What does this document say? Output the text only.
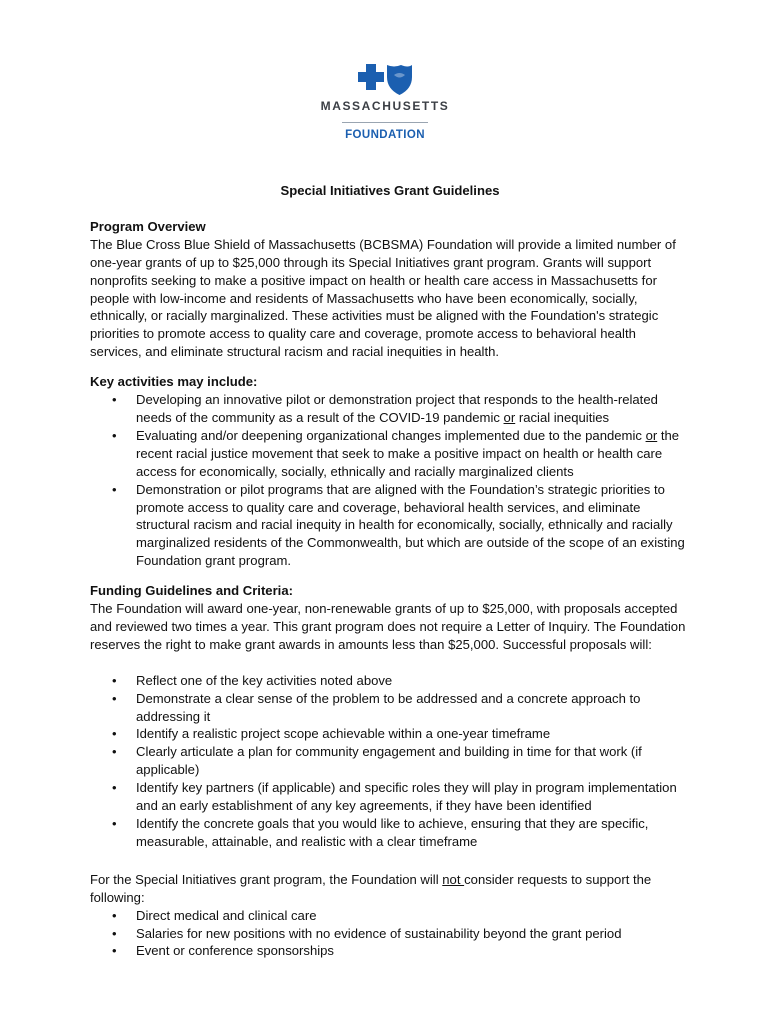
MASSACHUSETTS
FOUNDATION

Special Initiatives Grant Guidelines

Program Overview

The Blue Cross Blue Shield of Massachusetts (BCBSMA) Foundation will provide a limited number of one-year grants of up to $25,000 through its Special Initiatives grant program. Grants will support nonprofits seeking to make a positive impact on health or health care access in Massachusetts for people with low-income and residents of Massachusetts who have been economically, socially, ethnically, or racially marginalized. These activities must be aligned with the Foundation's strategic priorities to promote access to quality care and coverage, promote access to behavioral health services, and eliminate structural racism and racial inequities in health.

Key activities may include:

• Developing an innovative pilot or demonstration project that responds to the health-related needs of the community as a result of the COVID-19 pandemic or racial inequities
• Evaluating and/or deepening organizational changes implemented due to the pandemic or the recent racial justice movement that seek to make a positive impact on health or health care access for economically, socially, ethnically and racially marginalized clients
• Demonstration or pilot programs that are aligned with the Foundation’s strategic priorities to promote access to quality care and coverage, behavioral health services, and eliminate structural racism and racial inequity in health for economically, socially, ethnically and racially marginalized residents of the Commonwealth, but which are outside of the scope of an existing Foundation grant program.

Funding Guidelines and Criteria:

The Foundation will award one-year, non-renewable grants of up to $25,000, with proposals accepted and reviewed two times a year. This grant program does not require a Letter of Inquiry. The Foundation reserves the right to make grant awards in amounts less than $25,000. Successful proposals will:

• Reflect one of the key activities noted above
• Demonstrate a clear sense of the problem to be addressed and a concrete approach to addressing it
• Identify a realistic project scope achievable within a one-year timeframe
• Clearly articulate a plan for community engagement and building in time for that work (if applicable)
• Identify key partners (if applicable) and specific roles they will play in program implementation and an early establishment of any key agreements, if they have been identified
• Identify the concrete goals that you would like to achieve, ensuring that they are specific, measurable, attainable, and realistic with a clear timeframe

For the Special Initiatives grant program, the Foundation will not consider requests to support the following:

• Direct medical and clinical care
• Salaries for new positions with no evidence of sustainability beyond the grant period
• Event or conference sponsorships
